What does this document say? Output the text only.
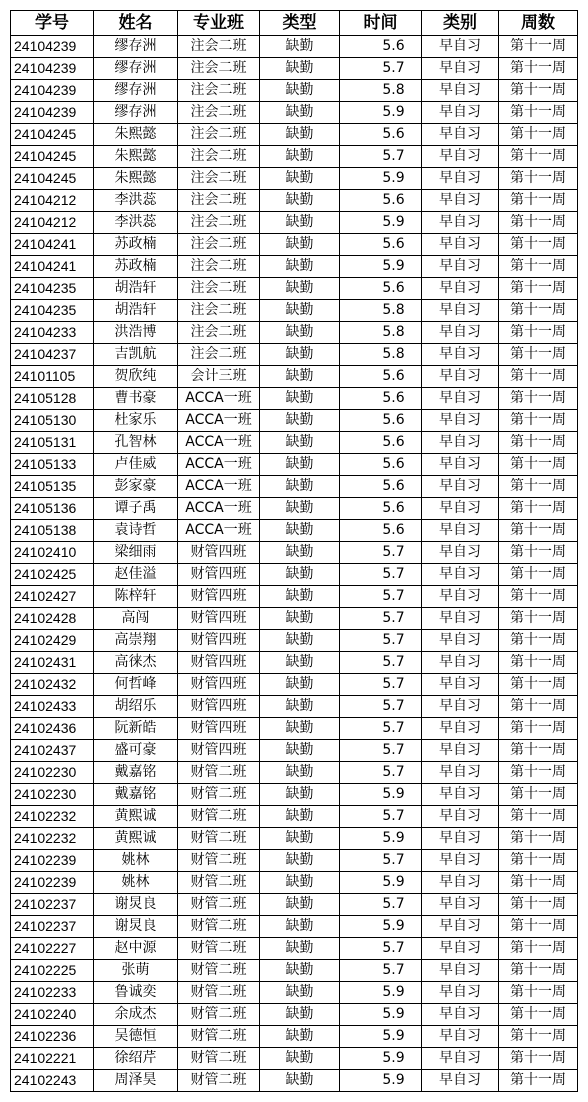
学号	姓名	专业班	类型	时间	类别	周数
24104239	缪存洲	注会二班	缺勤	5.6	早自习	第十一周
24104239	缪存洲	注会二班	缺勤	5.7	早自习	第十一周
24104239	缪存洲	注会二班	缺勤	5.8	早自习	第十一周
24104239	缪存洲	注会二班	缺勤	5.9	早自习	第十一周
24104245	朱熙懿	注会二班	缺勤	5.6	早自习	第十一周
24104245	朱熙懿	注会二班	缺勤	5.7	早自习	第十一周
24104245	朱熙懿	注会二班	缺勤	5.9	早自习	第十一周
24104212	李洪蕊	注会二班	缺勤	5.6	早自习	第十一周
24104212	李洪蕊	注会二班	缺勤	5.9	早自习	第十一周
24104241	苏政楠	注会二班	缺勤	5.6	早自习	第十一周
24104241	苏政楠	注会二班	缺勤	5.9	早自习	第十一周
24104235	胡浩轩	注会二班	缺勤	5.6	早自习	第十一周
24104235	胡浩轩	注会二班	缺勤	5.8	早自习	第十一周
24104233	洪浩博	注会二班	缺勤	5.8	早自习	第十一周
24104237	吉凯航	注会二班	缺勤	5.8	早自习	第十一周
24101105	贺欣纯	会计三班	缺勤	5.6	早自习	第十一周
24105128	曹书豪	ACCA一班	缺勤	5.6	早自习	第十一周
24105130	杜家乐	ACCA一班	缺勤	5.6	早自习	第十一周
24105131	孔智林	ACCA一班	缺勤	5.6	早自习	第十一周
24105133	卢佳威	ACCA一班	缺勤	5.6	早自习	第十一周
24105135	彭家豪	ACCA一班	缺勤	5.6	早自习	第十一周
24105136	谭子禹	ACCA一班	缺勤	5.6	早自习	第十一周
24105138	袁诗哲	ACCA一班	缺勤	5.6	早自习	第十一周
24102410	梁细雨	财管四班	缺勤	5.7	早自习	第十一周
24102425	赵佳溢	财管四班	缺勤	5.7	早自习	第十一周
24102427	陈梓轩	财管四班	缺勤	5.7	早自习	第十一周
24102428	高闯	财管四班	缺勤	5.7	早自习	第十一周
24102429	高崇翔	财管四班	缺勤	5.7	早自习	第十一周
24102431	高徕杰	财管四班	缺勤	5.7	早自习	第十一周
24102432	何哲峰	财管四班	缺勤	5.7	早自习	第十一周
24102433	胡绍乐	财管四班	缺勤	5.7	早自习	第十一周
24102436	阮新皓	财管四班	缺勤	5.7	早自习	第十一周
24102437	盛可豪	财管四班	缺勤	5.7	早自习	第十一周
24102230	戴嘉铭	财管二班	缺勤	5.7	早自习	第十一周
24102230	戴嘉铭	财管二班	缺勤	5.9	早自习	第十一周
24102232	黄熙诚	财管二班	缺勤	5.7	早自习	第十一周
24102232	黄熙诚	财管二班	缺勤	5.9	早自习	第十一周
24102239	姚林	财管二班	缺勤	5.7	早自习	第十一周
24102239	姚林	财管二班	缺勤	5.9	早自习	第十一周
24102237	谢炅良	财管二班	缺勤	5.7	早自习	第十一周
24102237	谢炅良	财管二班	缺勤	5.9	早自习	第十一周
24102227	赵中源	财管二班	缺勤	5.7	早自习	第十一周
24102225	张萌	财管二班	缺勤	5.7	早自习	第十一周
24102233	鲁诚奕	财管二班	缺勤	5.9	早自习	第十一周
24102240	余成杰	财管二班	缺勤	5.9	早自习	第十一周
24102236	吴德恒	财管二班	缺勤	5.9	早自习	第十一周
24102221	徐绍芹	财管二班	缺勤	5.9	早自习	第十一周
24102243	周泽昊	财管二班	缺勤	5.9	早自习	第十一周
